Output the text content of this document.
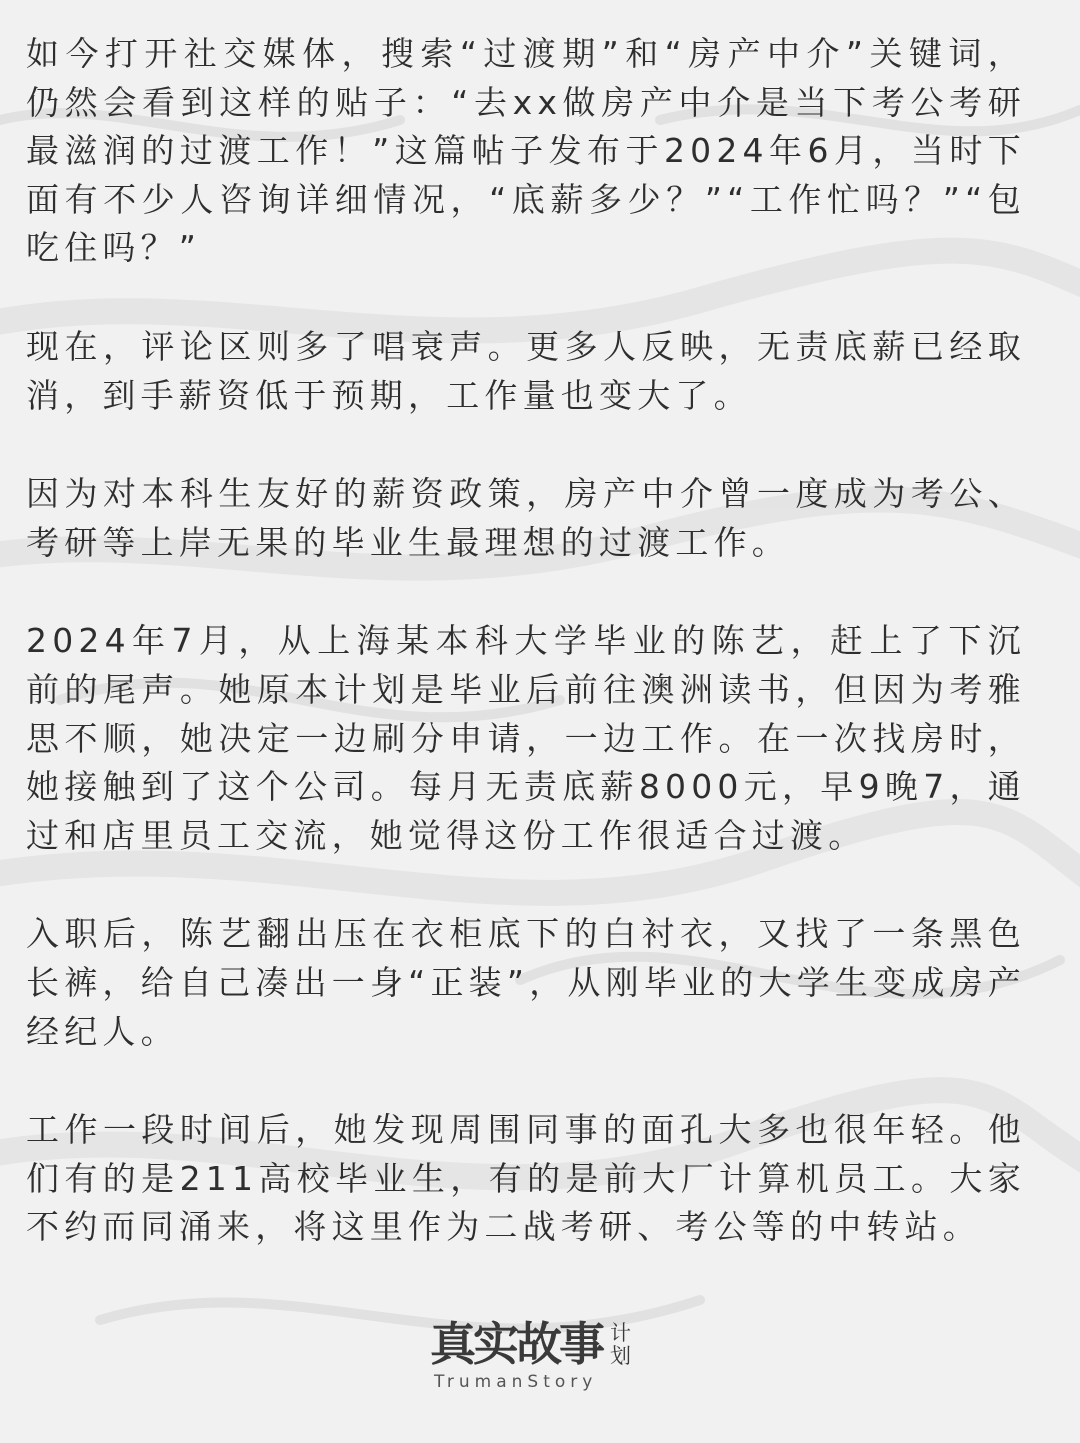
如今打开社交媒体，搜索“过渡期”和“房产中介”关键词，仍然会看到这样的贴子：“去xx做房产中介是当下考公考研最滋润的过渡工作！”这篇帖子发布于2024年6月，当时下面有不少人咨询详细情况，“底薪多少？”“工作忙吗？”“包吃住吗？”

现在，评论区则多了唱衰声。更多人反映，无责底薪已经取消，到手薪资低于预期，工作量也变大了。

因为对本科生友好的薪资政策，房产中介曾一度成为考公、考研等上岸无果的毕业生最理想的过渡工作。

2024年7月，从上海某本科大学毕业的陈艺，赶上了下沉前的尾声。她原本计划是毕业后前往澳洲读书，但因为考雅思不顺，她决定一边刷分申请，一边工作。在一次找房时，她接触到了这个公司。每月无责底薪8000元，早9晚7，通过和店里员工交流，她觉得这份工作很适合过渡。

入职后，陈艺翻出压在衣柜底下的白衬衣，又找了一条黑色长裤，给自己凑出一身“正装”，从刚毕业的大学生变成房产经纪人。

工作一段时间后，她发现周围同事的面孔大多也很年轻。他们有的是211高校毕业生，有的是前大厂计算机员工。大家不约而同涌来，将这里作为二战考研、考公等的中转站。

真实故事 计划
TrumanStory
